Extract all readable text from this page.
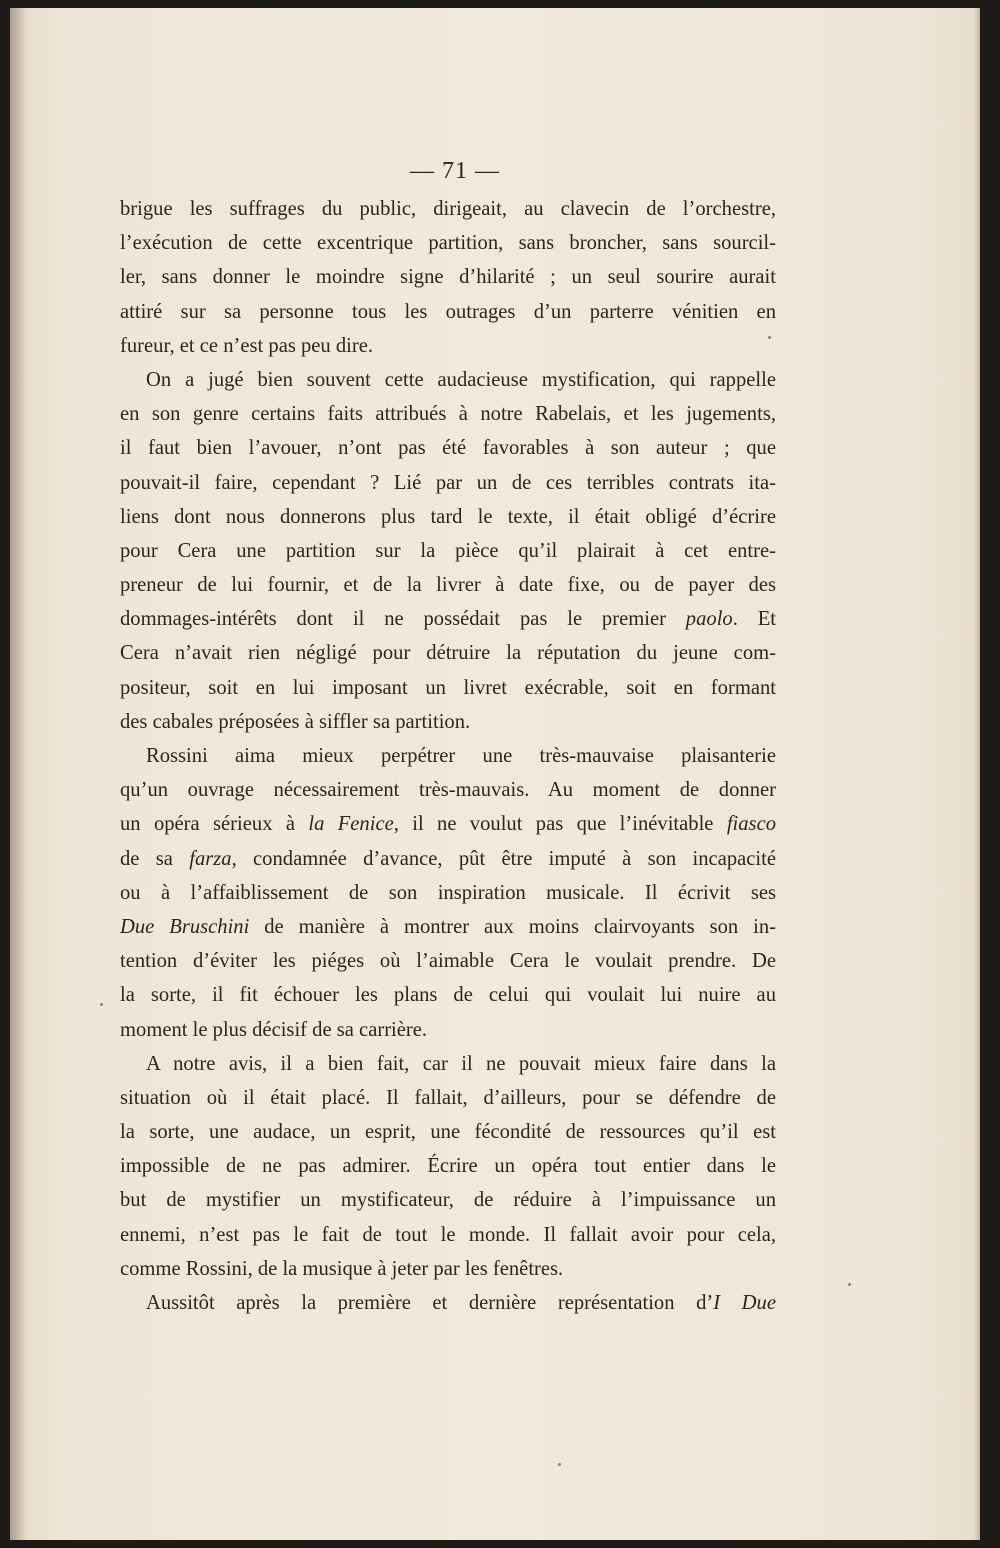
— 71 —

brigue les suffrages du public, dirigeait, au clavecin de l’orchestre,
l’exécution de cette excentrique partition, sans broncher, sans sourcil-
ler, sans donner le moindre signe d’hilarité ; un seul sourire aurait
attiré sur sa personne tous les outrages d’un parterre vénitien en
fureur, et ce n’est pas peu dire.

On a jugé bien souvent cette audacieuse mystification, qui rappelle
en son genre certains faits attribués à notre Rabelais, et les jugements,
il faut bien l’avouer, n’ont pas été favorables à son auteur ; que
pouvait-il faire, cependant ? Lié par un de ces terribles contrats ita-
liens dont nous donnerons plus tard le texte, il était obligé d’écrire
pour Cera une partition sur la pièce qu’il plairait à cet entre-
preneur de lui fournir, et de la livrer à date fixe, ou de payer des
dommages-intérêts dont il ne possédait pas le premier paolo. Et
Cera n’avait rien négligé pour détruire la réputation du jeune com-
positeur, soit en lui imposant un livret exécrable, soit en formant
des cabales préposées à siffler sa partition.

Rossini aima mieux perpétrer une très-mauvaise plaisanterie
qu’un ouvrage nécessairement très-mauvais. Au moment de donner
un opéra sérieux à la Fenice, il ne voulut pas que l’inévitable fiasco
de sa farza, condamnée d’avance, pût être imputé à son incapacité
ou à l’affaiblissement de son inspiration musicale. Il écrivit ses
Due Bruschini de manière à montrer aux moins clairvoyants son in-
tention d’éviter les piéges où l’aimable Cera le voulait prendre. De
la sorte, il fit échouer les plans de celui qui voulait lui nuire au
moment le plus décisif de sa carrière.

A notre avis, il a bien fait, car il ne pouvait mieux faire dans la
situation où il était placé. Il fallait, d’ailleurs, pour se défendre de
la sorte, une audace, un esprit, une fécondité de ressources qu’il est
impossible de ne pas admirer. Écrire un opéra tout entier dans le
but de mystifier un mystificateur, de réduire à l’impuissance un
ennemi, n’est pas le fait de tout le monde. Il fallait avoir pour cela,
comme Rossini, de la musique à jeter par les fenêtres.

Aussitôt après la première et dernière représentation d’I Due
